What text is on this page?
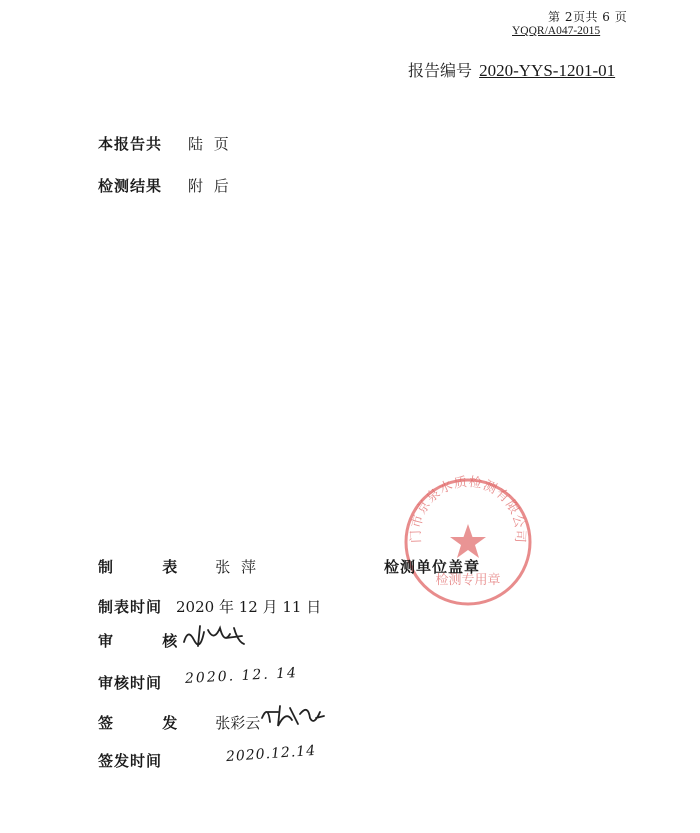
第 2页共 6 页
YQQR/A047-2015
报告编号 2020-YYS-1201-01
本报告共 陆 页
检测结果 附 后
门市京泉水质检测有限公司
检测专用章
检测单位盖章
制 表 张 萍
制表时间 2020 年 12 月 11 日
审 核
审核时间 2020. 12. 14
签 发 张彩云
签发时间	2020.12.14
